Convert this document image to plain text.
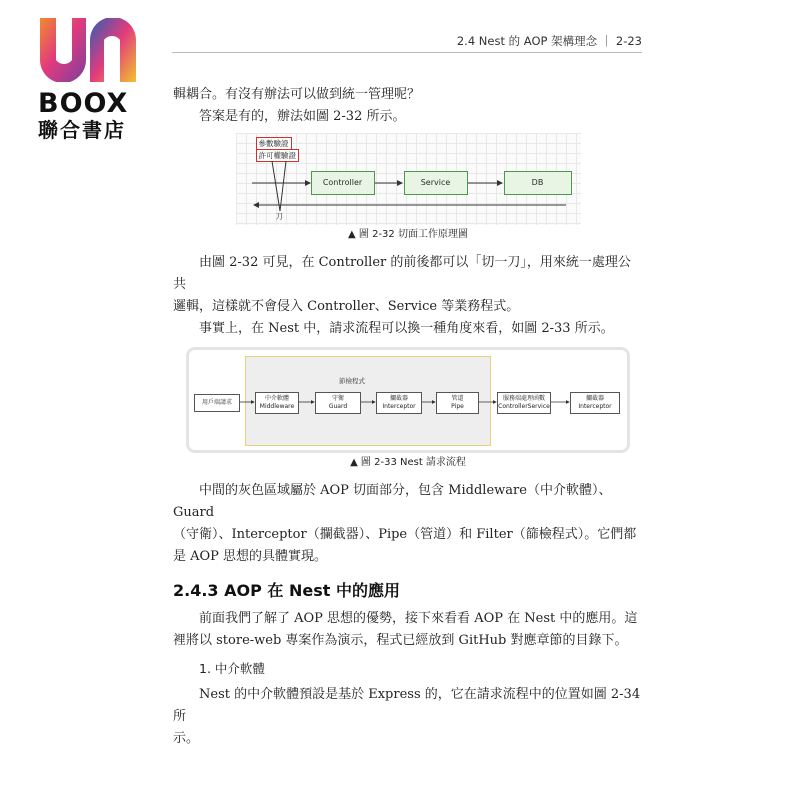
BOOX
聯合書店
2.4 Nest 的 AOP 架構理念 ｜ 2-23

輯耦合。有沒有辦法可以做到統一管理呢？

答案是有的，辦法如圖 2-32 所示。

參數驗證
許可權驗證
Controller	Service	DB
刀
▲ 圖 2-32 切面工作原理圖

由圖 2-32 可見，在 Controller 的前後都可以「切一刀」，用來統一處理公共

邏輯，這樣就不會侵入 Controller、Service 等業務程式。

事實上，在 Nest 中，請求流程可以換一種角度來看，如圖 2-33 所示。

節檢程式
用戶端請求
中介軟體
Middleware
守衛
Guard
攔截器
Interceptor
管道
Pipe
服務端處理函數
ControllerService
攔截器
Interceptor
▲ 圖 2-33 Nest 請求流程

中間的灰色區域屬於 AOP 切面部分，包含 Middleware（中介軟體）、Guard

（守衛）、Interceptor（攔截器）、Pipe（管道）和 Filter（篩檢程式）。它們都

是 AOP 思想的具體實現。

2.4.3 AOP 在 Nest 中的應用

前面我們了解了 AOP 思想的優勢，接下來看看 AOP 在 Nest 中的應用。這

裡將以 store-web 專案作為演示，程式已經放到 GitHub 對應章節的目錄下。

1. 中介軟體

Nest 的中介軟體預設是基於 Express 的，它在請求流程中的位置如圖 2-34 所

示。
